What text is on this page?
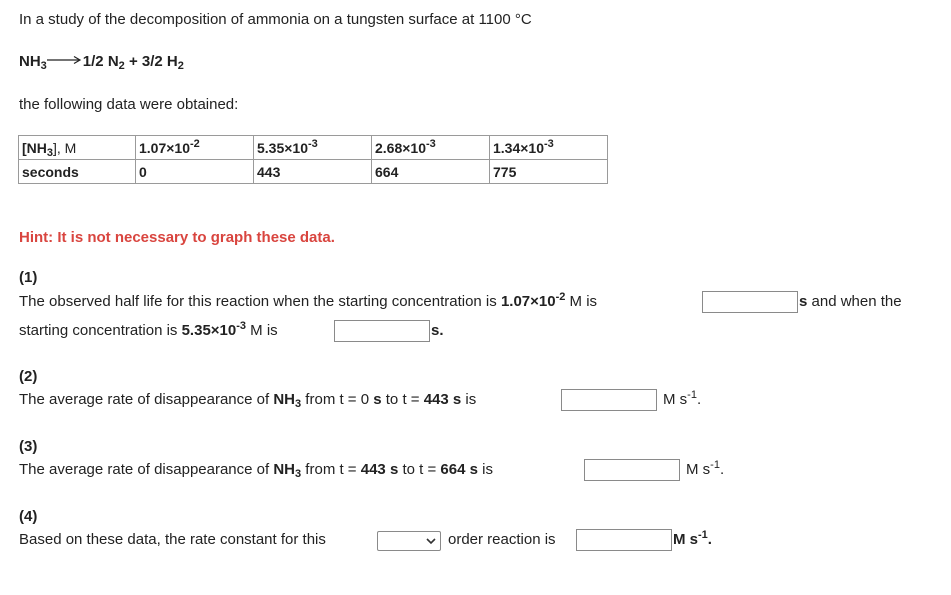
In a study of the decomposition of ammonia on a tungsten surface at 1100 °C
$NH_3\to 1/2$ $N_2 + 3/2$ $H_2$
the following data were obtained:
$[NH_3]$, M	$1.07\times 10^{-2}$	$5.35\times 10^{-3}$	$2.68\times 10^{-3}$	$1.34\times 10^{-3}$
seconds	0	443	664	775
Hint: It is not necessary to graph these data.
(1)
The observed half life for this reaction when the starting concentration is $1.07\times 10^{-2}$ M is	s and when the
starting concentration is $5.35\times 10^{-3}$ M is	s.
(2)
The average rate of disappearance of $NH_3$ from t = 0 s to t = 443 s is	M $s^{-1}$.
(3)
The average rate of disappearance of $NH_3$ from t = 443 s to t = 664 s is	M $s^{-1}$.
(4)
Based on these data, the rate constant for this	order reaction is	M $s^{-1}$.
